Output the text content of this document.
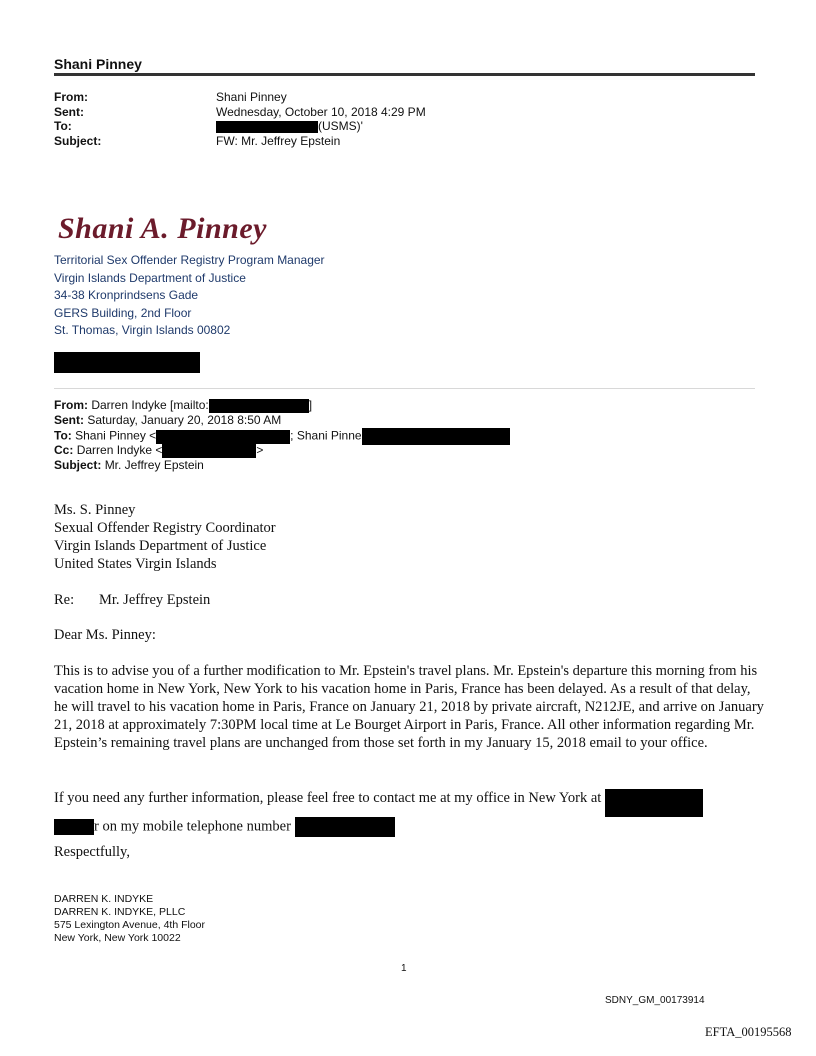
Shani Pinney
From:	Shani Pinney
Sent:	Wednesday, October 10, 2018 4:29 PM
To:	(USMS)'
Subject:	FW: Mr. Jeffrey Epstein
Shani A. Pinney
Territorial Sex Offender Registry Program Manager
Virgin Islands Department of Justice
34-38 Kronprindsens Gade
GERS Building, 2nd Floor
St. Thomas, Virgin Islands 00802
From: Darren Indyke [mailto:	]
Sent: Saturday, January 20, 2018 8:50 AM
To: Shani Pinney <	; Shani Pinne
Cc: Darren Indyke <	>
Subject: Mr. Jeffrey Epstein
Ms. S. Pinney
Sexual Offender Registry Coordinator
Virgin Islands Department of Justice
United States Virgin Islands
Re: Mr. Jeffrey Epstein
Dear Ms. Pinney:
This is to advise you of a further modification to Mr. Epstein's travel plans. Mr. Epstein's departure this morning from his vacation home in New York, New York to his vacation home in Paris, France has been delayed. As a result of that delay, he will travel to his vacation home in Paris, France on January 21, 2018 by private aircraft, N212JE, and arrive on January 21, 2018 at approximately 7:30PM local time at Le Bourget Airport in Paris, France. All other information regarding Mr. Epstein’s remaining travel plans are unchanged from those set forth in my January 15, 2018 email to your office.
If you need any further information, please feel free to contact me at my office in New York at
r on my mobile telephone number
Respectfully,
DARREN K. INDYKE
DARREN K. INDYKE, PLLC
575 Lexington Avenue, 4th Floor
New York, New York 10022
1
SDNY_GM_00173914
EFTA_00195568
